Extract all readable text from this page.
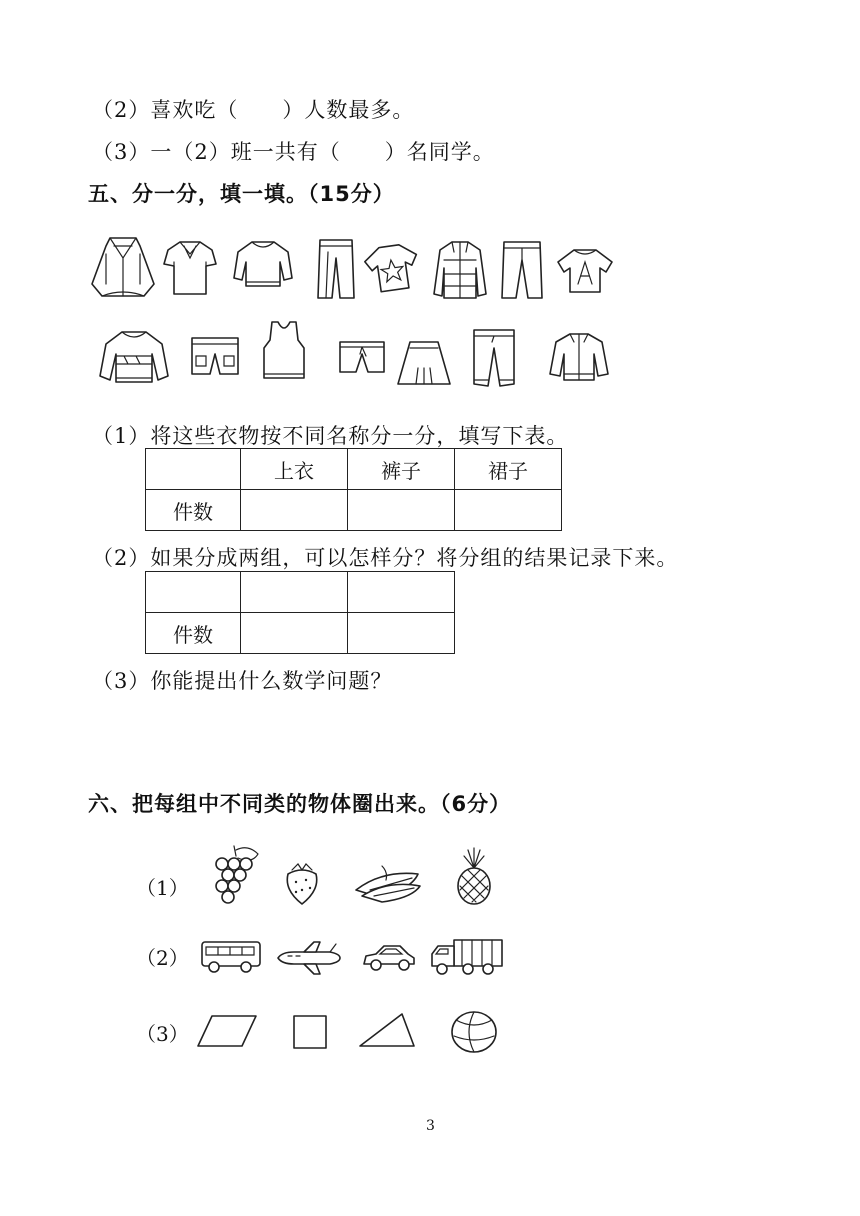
（2）喜欢吃（　　）人数最多。
（3）一（2）班一共有（　　）名同学。
五、分一分，填一填。（15分）
（1）将这些衣物按不同名称分一分，填写下表。
	上衣	裤子	裙子
件数			
（2）如果分成两组，可以怎样分？将分组的结果记录下来。

件数		
（3）你能提出什么数学问题？
六、把每组中不同类的物体圈出来。（6分）
（1）
（2）
（3）
3
